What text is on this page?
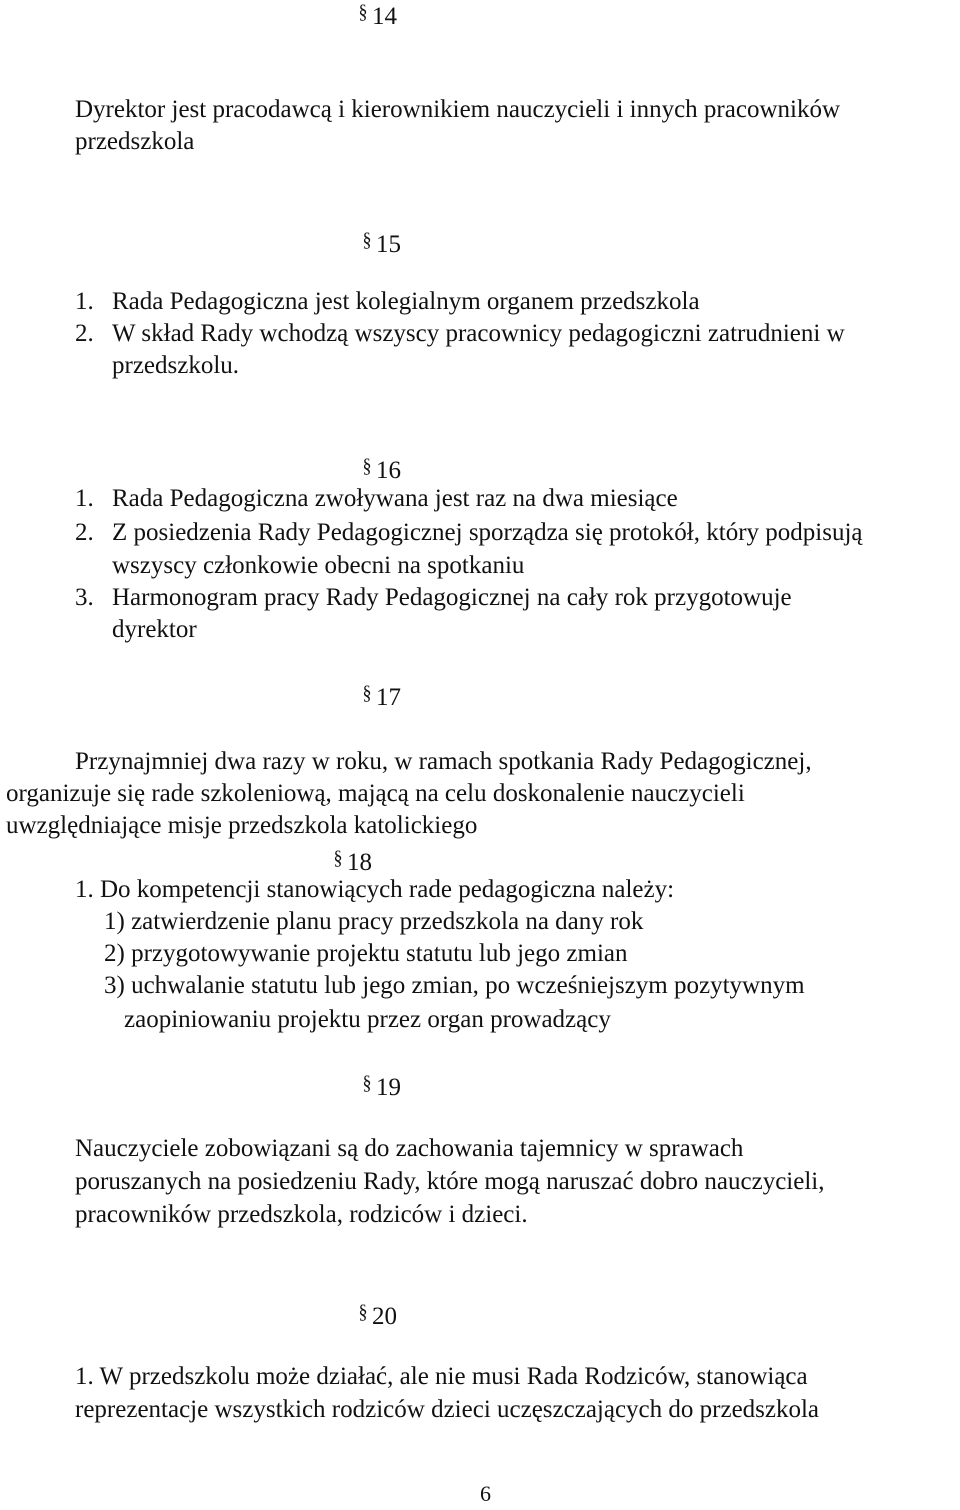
§ 14

Dyrektor jest pracodawcą i kierownikiem nauczycieli i innych pracowników

przedszkola

§ 15

1. Rada Pedagogiczna jest kolegialnym organem przedszkola

2. W skład Rady wchodzą wszyscy pracownicy pedagogiczni zatrudnieni w

przedszkolu.

§ 16

1. Rada Pedagogiczna zwoływana jest raz na dwa miesiące

2. Z posiedzenia Rady Pedagogicznej sporządza się protokół, który podpisują

wszyscy członkowie obecni na spotkaniu

3. Harmonogram pracy Rady Pedagogicznej na cały rok przygotowuje

dyrektor

§ 17

Przynajmniej dwa razy w roku, w ramach spotkania Rady Pedagogicznej,

organizuje się rade szkoleniową, mającą na celu doskonalenie nauczycieli

uwzględniające misje przedszkola katolickiego

§ 18

1. Do kompetencji stanowiących rade pedagogiczna należy:

1) zatwierdzenie planu pracy przedszkola na dany rok

2) przygotowywanie projektu statutu lub jego zmian

3) uchwalanie statutu lub jego zmian, po wcześniejszym pozytywnym

zaopiniowaniu projektu przez organ prowadzący

§ 19

Nauczyciele zobowiązani są do zachowania tajemnicy w sprawach

poruszanych na posiedzeniu Rady, które mogą naruszać dobro nauczycieli,

pracowników przedszkola, rodziców i dzieci.

§ 20

1. W przedszkolu może działać, ale nie musi Rada Rodziców, stanowiąca

reprezentacje wszystkich rodziców dzieci uczęszczających do przedszkola

6
